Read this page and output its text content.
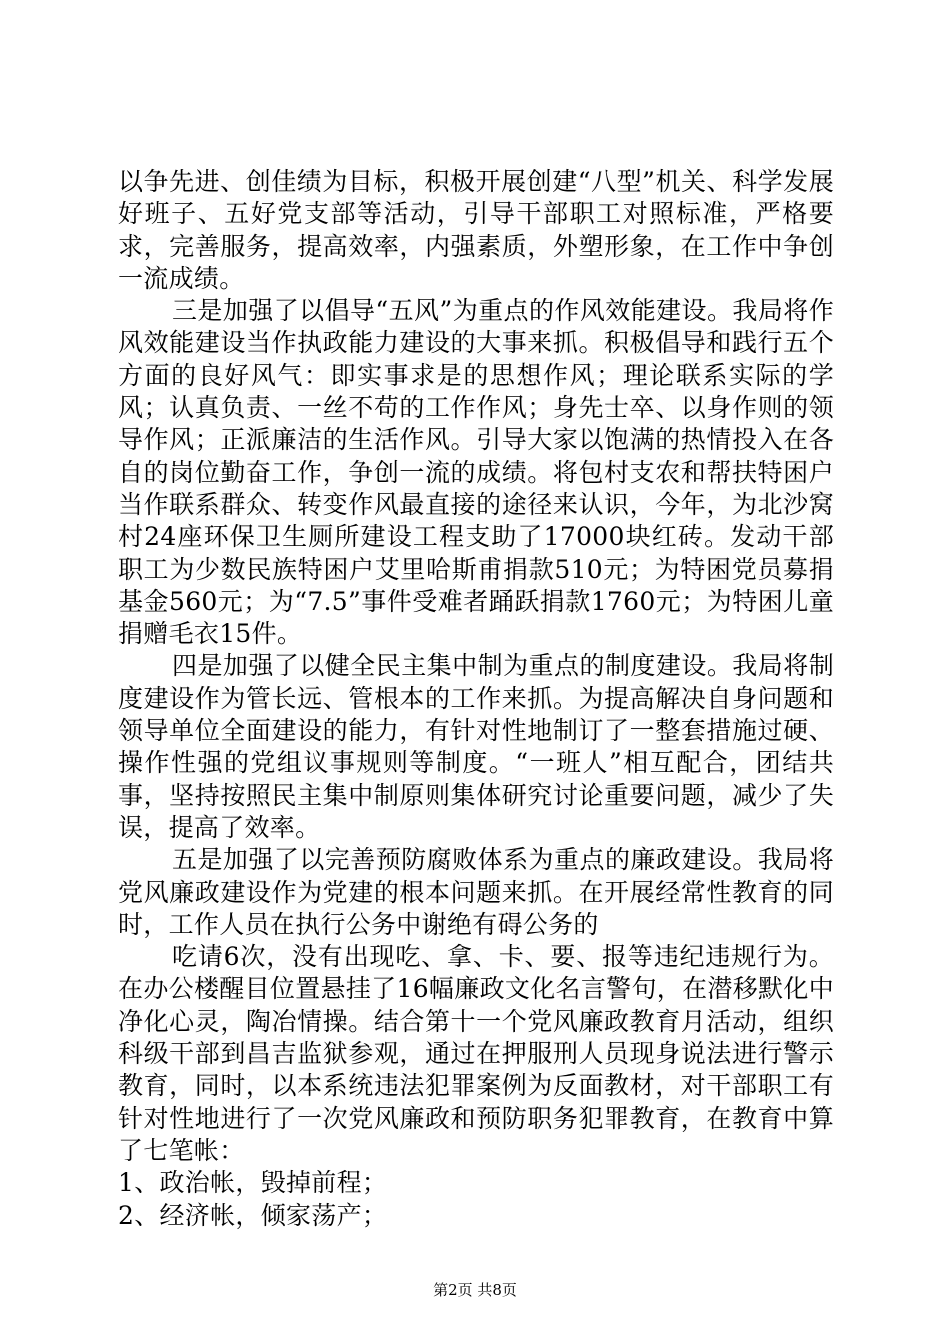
以争先进、创佳绩为目标，积极开展创建“八型”机关、科学发展好班子、五好党支部等活动，引导干部职工对照标准，严格要求，完善服务，提高效率，内强素质，外塑形象，在工作中争创一流成绩。

三是加强了以倡导“五风”为重点的作风效能建设。我局将作风效能建设当作执政能力建设的大事来抓。积极倡导和践行五个方面的良好风气：即实事求是的思想作风；理论联系实际的学风；认真负责、一丝不苟的工作作风；身先士卒、以身作则的领导作风；正派廉洁的生活作风。引导大家以饱满的热情投入在各自的岗位勤奋工作，争创一流的成绩。将包村支农和帮扶特困户当作联系群众、转变作风最直接的途径来认识，今年，为北沙窝村24座环保卫生厕所建设工程支助了17000块红砖。发动干部职工为少数民族特困户艾里哈斯甫捐款510元；为特困党员募捐基金560元；为“7.5”事件受难者踊跃捐款1760元；为特困儿童捐赠毛衣15件。

四是加强了以健全民主集中制为重点的制度建设。我局将制度建设作为管长远、管根本的工作来抓。为提高解决自身问题和领导单位全面建设的能力，有针对性地制订了一整套措施过硬、操作性强的党组议事规则等制度。“一班人”相互配合，团结共事，坚持按照民主集中制原则集体研究讨论重要问题，减少了失误，提高了效率。

五是加强了以完善预防腐败体系为重点的廉政建设。我局将党风廉政建设作为党建的根本问题来抓。在开展经常性教育的同时，工作人员在执行公务中谢绝有碍公务的

吃请6次，没有出现吃、拿、卡、要、报等违纪违规行为。在办公楼醒目位置悬挂了16幅廉政文化名言警句，在潜移默化中净化心灵，陶冶情操。结合第十一个党风廉政教育月活动，组织科级干部到昌吉监狱参观，通过在押服刑人员现身说法进行警示教育，同时，以本系统违法犯罪案例为反面教材，对干部职工有针对性地进行了一次党风廉政和预防职务犯罪教育，在教育中算了七笔帐：

1、政治帐，毁掉前程；

2、经济帐，倾家荡产；

第2页 共8页
